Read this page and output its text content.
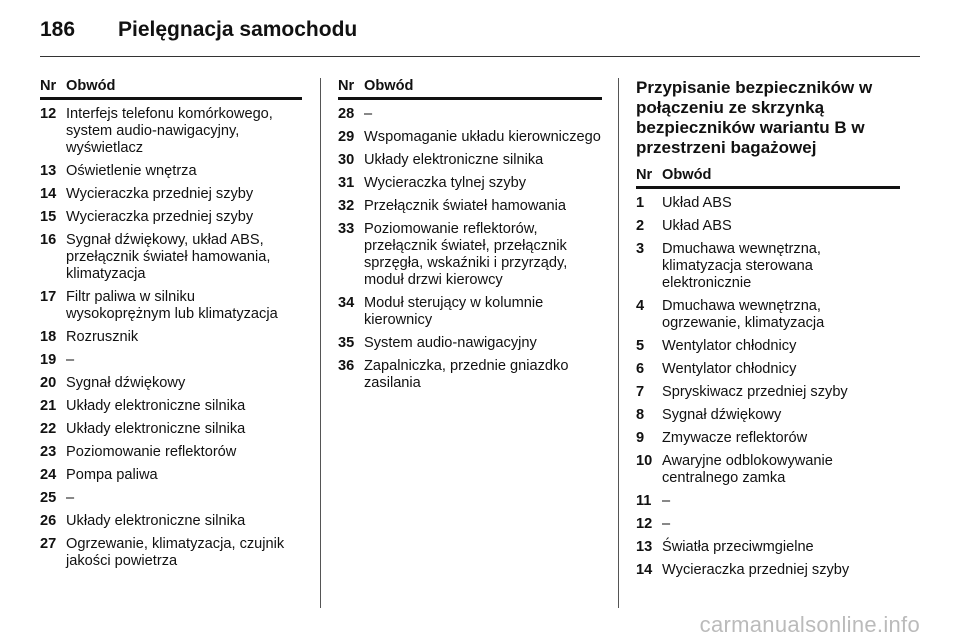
186 Pielęgnacja samochodu
Nr Obwód
12 Interfejs telefonu komórkowego, system audio-nawigacyjny, wyświetlacz
13 Oświetlenie wnętrza
14 Wycieraczka przedniej szyby
15 Wycieraczka przedniej szyby
16 Sygnał dźwiękowy, układ ABS, przełącznik świateł hamowania, klimatyzacja
17 Filtr paliwa w silniku wysokoprężnym lub klimatyzacja
18 Rozrusznik
19 –
20 Sygnał dźwiękowy
21 Układy elektroniczne silnika
22 Układy elektroniczne silnika
23 Poziomowanie reflektorów
24 Pompa paliwa
25 –
26 Układy elektroniczne silnika
27 Ogrzewanie, klimatyzacja, czujnik jakości powietrza
Nr Obwód
28 –
29 Wspomaganie układu kierowniczego
30 Układy elektroniczne silnika
31 Wycieraczka tylnej szyby
32 Przełącznik świateł hamowania
33 Poziomowanie reflektorów, przełącznik świateł, przełącznik sprzęgła, wskaźniki i przyrządy, moduł drzwi kierowcy
34 Moduł sterujący w kolumnie kierownicy
35 System audio-nawigacyjny
36 Zapalniczka, przednie gniazdko zasilania
Przypisanie bezpieczników w połączeniu ze skrzynką bezpieczników wariantu B w przestrzeni bagażowej
Nr Obwód
1	Układ ABS
2	Układ ABS
3	Dmuchawa wewnętrzna, klimatyzacja sterowana elektronicznie
4	Dmuchawa wewnętrzna, ogrzewanie, klimatyzacja
5	Wentylator chłodnicy
6	Wentylator chłodnicy
7	Spryskiwacz przedniej szyby
8	Sygnał dźwiękowy
9	Zmywacze reflektorów
10 Awaryjne odblokowywanie centralnego zamka
11 –
12 –
13 Światła przeciwmgielne
14 Wycieraczka przedniej szyby
carmanualsonline.info
